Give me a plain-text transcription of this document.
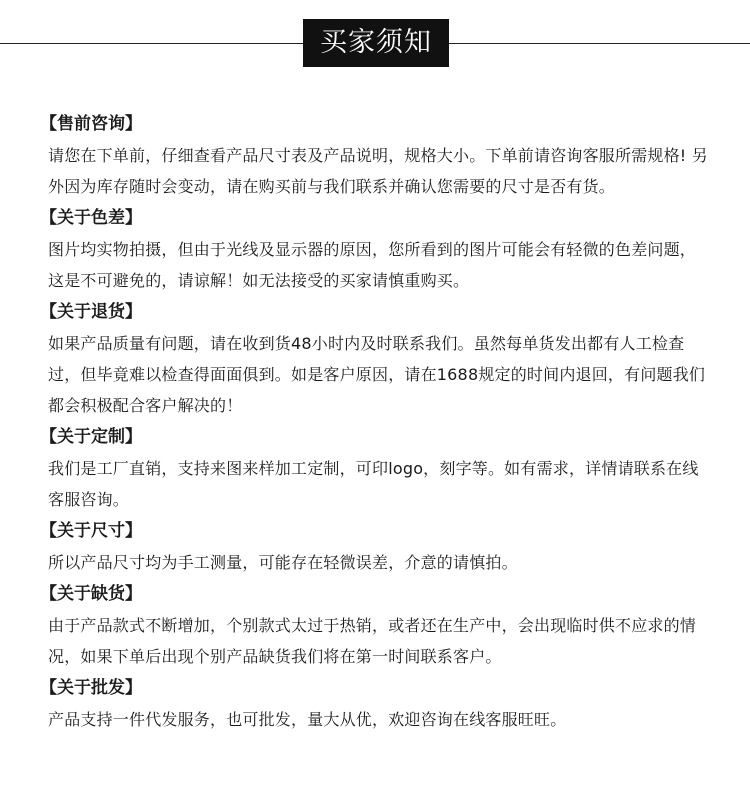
买家须知
【售前咨询】
请您在下单前，仔细查看产品尺寸表及产品说明，规格大小。下单前请咨询客服所需规格! 另外因为库存随时会变动，请在购买前与我们联系并确认您需要的尺寸是否有货。
【关于色差】
图片均实物拍摄，但由于光线及显示器的原因，您所看到的图片可能会有轻微的色差问题，这是不可避免的，请谅解！如无法接受的买家请慎重购买。
【关于退货】
如果产品质量有问题，请在收到货48小时内及时联系我们。虽然每单货发出都有人工检查过，但毕竟难以检查得面面俱到。如是客户原因，请在1688规定的时间内退回，有问题我们都会积极配合客户解决的！
【关于定制】
我们是工厂直销，支持来图来样加工定制，可印logo，刻字等。如有需求，详情请联系在线客服咨询。
【关于尺寸】
所以产品尺寸均为手工测量，可能存在轻微误差，介意的请慎拍。
【关于缺货】
由于产品款式不断增加，个别款式太过于热销，或者还在生产中，会出现临时供不应求的情况，如果下单后出现个别产品缺货我们将在第一时间联系客户。
【关于批发】
产品支持一件代发服务，也可批发，量大从优，欢迎咨询在线客服旺旺。
